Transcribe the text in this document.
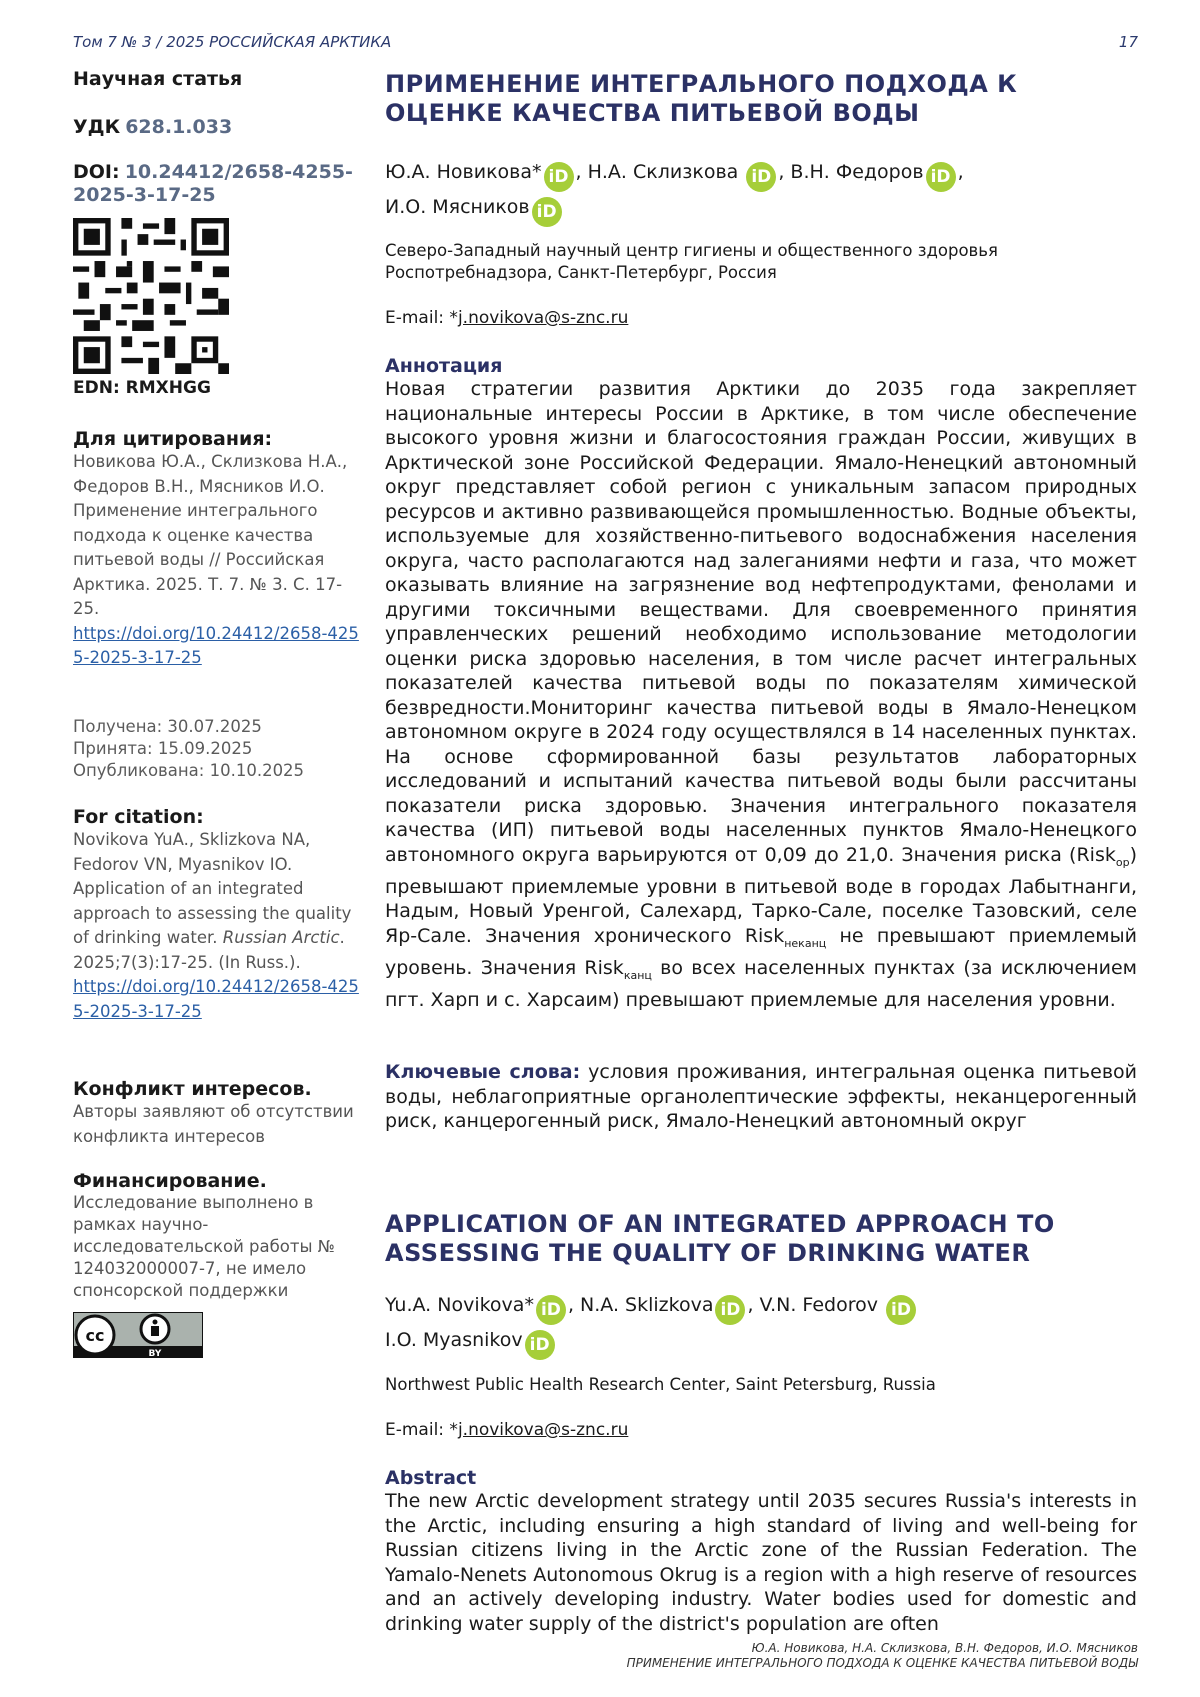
Том 7 № 3 / 2025 РОССИЙСКАЯ АРКТИКА	17
Научная статья
УДК 628.1.033
DOI: 10.24412/2658-4255-2025-3-17-25
EDN: RMXHGG
Для цитирования:
Новикова Ю.А., Склизкова Н.А., Федоров В.Н., Мясников И.О. Применение интегрального подхода к оценке качества питьевой воды // Российская Арктика. 2025. Т. 7. № 3. С. 17-25.
https://doi.org/10.24412/2658-4255-2025-3-17-25
Получена: 30.07.2025
Принята: 15.09.2025
Опубликована: 10.10.2025
For citation:
Novikova YuA., Sklizkova NA, Fedorov VN, Myasnikov IO. Application of an integrated approach to assessing the quality of drinking water. Russian Arctic. 2025;7(3):17-25. (In Russ.).
https://doi.org/10.24412/2658-4255-2025-3-17-25
Конфликт интересов.
Авторы заявляют об отсутствии конфликта интересов
Финансирование.
Исследование выполнено в рамках научно-исследовательской работы № 124032000007-7, не имело спонсорской поддержки
cc
BY
ПРИМЕНЕНИЕ ИНТЕГРАЛЬНОГО ПОДХОДА К ОЦЕНКЕ КАЧЕСТВА ПИТЬЕВОЙ ВОДЫ
Ю.А. Новикова* iD , Н.А. Склизкова iD , В.Н. Федоров iD ,
И.О. Мясников iD
Северо-Западный научный центр гигиены и общественного здоровья Роспотребнадзора, Санкт-Петербург, Россия
E-mail: *j.novikova@s-znc.ru
Аннотация
Новая стратегии развития Арктики до 2035 года закрепляет национальные интересы России в Арктике, в том числе обеспечение высокого уровня жизни и благосостояния граждан России, живущих в Арктической зоне Российской Федерации. Ямало-Ненецкий автономный округ представляет собой регион с уникальным запасом природных ресурсов и активно развивающейся промышленностью. Водные объекты, используемые для хозяйственно-питьевого водоснабжения населения округа, часто располагаются над залеганиями нефти и газа, что может оказывать влияние на загрязнение вод нефтепродуктами, фенолами и другими токсичными веществами. Для своевременного принятия управленческих решений необходимо использование методологии оценки риска здоровью населения, в том числе расчет интегральных показателей качества питьевой воды по показателям химической безвредности.Мониторинг качества питьевой воды в Ямало-Ненецком автономном округе в 2024 году осуществлялся в 14 населенных пунктах. На основе сформированной базы результатов лабораторных исследований и испытаний качества питьевой воды были рассчитаны показатели риска здоровью. Значения интегрального показателя качества (ИП) питьевой воды населенных пунктов Ямало-Ненецкого автономного округа варьируются от 0,09 до 21,0. Значения риска (Risk$_{ор}$) превышают приемлемые уровни в питьевой воде в городах Лабытнанги, Надым, Новый Уренгой, Салехард, Тарко-Сале, поселке Тазовский, селе Яр-Сале. Значения хронического Risk$_{неканц}$ не превышают приемлемый уровень. Значения Risk$_{канц}$ во всех населенных пунктах (за исключением пгт. Харп и с. Харсаим) превышают приемлемые для населения уровни.
Ключевые слова: условия проживания, интегральная оценка питьевой воды, неблагоприятные органолептические эффекты, неканцерогенный риск, канцерогенный риск, Ямало-Ненецкий автономный округ
APPLICATION OF AN INTEGRATED APPROACH TO ASSESSING THE QUALITY OF DRINKING WATER
Yu.A. Novikova* iD , N.A. Sklizkova iD , V.N. Fedorov iD
I.O. Myasnikov iD
Northwest Public Health Research Center, Saint Petersburg, Russia
E-mail: *j.novikova@s-znc.ru
Abstract
The new Arctic development strategy until 2035 secures Russia's interests in the Arctic, including ensuring a high standard of living and well-being for Russian citizens living in the Arctic zone of the Russian Federation. The Yamalo-Nenets Autonomous Okrug is a region with a high reserve of resources and an actively developing industry. Water bodies used for domestic and drinking water supply of the district's population are often
Ю.А. Новикова, Н.А. Склизкова, В.Н. Федоров, И.О. Мясников
ПРИМЕНЕНИЕ ИНТЕГРАЛЬНОГО ПОДХОДА К ОЦЕНКЕ КАЧЕСТВА ПИТЬЕВОЙ ВОДЫ
